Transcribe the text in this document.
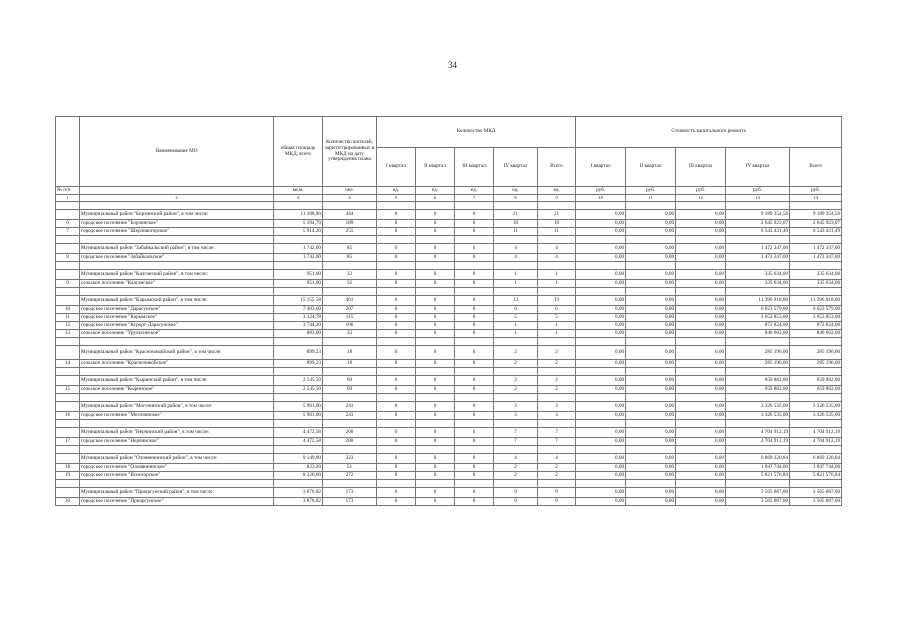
34
	Наименование МО	общая площадь МКД, всего	Количество жителей, зарегистрированных в МКД на дату утверждения плана	Количество МКД					Стоимость капитального ремонта				
				I квартал	II квартал	III квартал	IV квартал	Всего	I квартал	II квартал	III квартал	IV квартал	Всего
№ п/п		кв.м.	чел.	ед.	ед.	ед.	ед.	ед.	руб.	руб.	руб.	руб.	руб.
1	2	3	4	5	6	7	8	9	10	11	12	13	14

	Муниципальный район "Борзинский район", в том числе:	11 108,90	444	0	0	0	21	21	0,00	0,00	0,00	9 189 354,56	9 189 354,56
6	городское поселение "Борзинское"	5 194,70	189	0	0	0	10	10	0,00	0,00	0,00	2 645 923,07	2 645 923,07
7	городское поселение "Шерловогорское"	5 914,20	255	0	0	0	11	11	0,00	0,00	0,00	6 543 431,49	6 543 431,49

	Муниципальный район "Забайкальский район", в том числе:	1 742,00	85	0	0	0	4	4	0,00	0,00	0,00	1 472 347,00	1 472 347,00
8	городское поселение "Забайкальское"	1 742,00	85	0	0	0	4	4	0,00	0,00	0,00	1 472 347,00	1 472 347,00

	Муниципальный район "Калганский район", в том числе:	951,00	32	0	0	0	1	1	0,00	0,00	0,00	335 634,00	335 634,00
9	сельское поселение "Калганское"	951,00	32	0	0	0	1	1	0,00	0,00	0,00	335 634,00	335 634,00

	Муниципальный район "Карымский район", в том числе:	15 155,58	461	0	0	0	13	13	0,00	0,00	0,00	11 396 918,00	11 396 918,00
10	городское поселение "Дарасунское"	7 403,60	207	0	0	0	6	6	0,00	0,00	0,00	6 023 579,00	6 023 579,00
11	городское поселение "Карымское"	3 124,78	115	0	0	0	5	5	0,00	0,00	0,00	3 653 853,00	3 653 853,00
12	городское поселение "Курорт-Дарасунское"	3 744,20	106	0	0	0	1	1	0,00	0,00	0,00	872 824,00	872 824,00
13	сельское поселение "Урульгинское"	883,00	33	0	0	0	1	1	0,00	0,00	0,00	846 662,00	846 662,00

	Муниципальный район "Красночикойский район", в том числе:	899,23	18	0	0	0	2	2	0,00	0,00	0,00	285 196,00	285 196,00
14	сельское поселение "Красночикойское"	899,23	18	0	0	0	2	2	0,00	0,00	0,00	285 196,00	285 196,00

	Муниципальный район "Кыринский район", в том числе:	2 545,50	69	0	0	0	2	2	0,00	0,00	0,00	659 882,00	659 882,00
15	сельское поселение "Кыринское"	2 545,50	69	0	0	0	2	2	0,00	0,00	0,00	659 882,00	659 882,00

	Муниципальный район "Могочинский район", в том числе:	5 901,00	241	0	0	0	3	3	0,00	0,00	0,00	3 326 535,00	3 326 535,00
16	городское поселение "Могочинское"	5 901,00	241	0	0	0	3	3	0,00	0,00	0,00	3 326 535,00	3 326 535,00

	Муниципальный район "Нерчинский район", в том числе:	4 472,58	200	0	0	0	7	7	0,00	0,00	0,00	4 704 912,19	4 704 912,19
17	городское поселение "Нерчинское"	4 472,58	200	0	0	0	7	7	0,00	0,00	0,00	4 704 912,19	4 704 912,19

	Муниципальный район "Оловяннинский район", в том числе:	9 149,80	323	0	0	0	4	4	0,00	0,00	0,00	6 869 320,84	6 869 320,84
18	городское поселение "Оловяннинское"	823,20	51	0	0	0	2	2	0,00	0,00	0,00	1 047 744,00	1 047 744,00
19	городское поселение "Ясногорское"	8 326,60	272	0	0	0	2	2	0,00	0,00	0,00	5 821 576,84	5 821 576,84

	Муниципальный район "Приаргунский район", в том числе:	3 876,82	173	0	0	0	9	9	0,00	0,00	0,00	3 565 087,00	3 565 087,00
20	городское поселение "Приаргунское"	3 876,82	173	0	0	0	9	9	0,00	0,00	0,00	3 565 087,00	3 565 087,00
